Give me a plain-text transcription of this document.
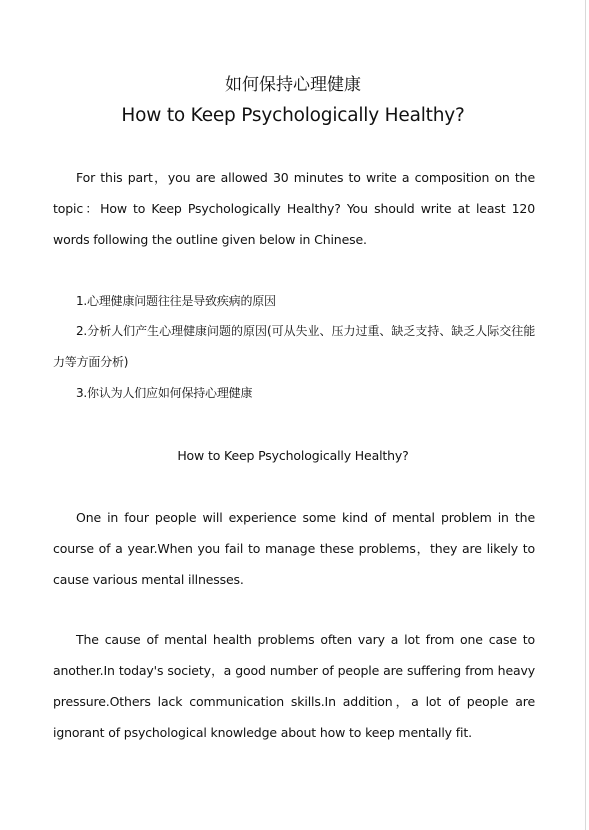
如何保持心理健康
How to Keep Psychologically Healthy?

For this part，you are allowed 30 minutes to write a composition on the topic：How to Keep Psychologically Healthy? You should write at least 120 words following the outline given below in Chinese.

1.心理健康问题往往是导致疾病的原因

2.分析人们产生心理健康问题的原因(可从失业、压力过重、缺乏支持、缺乏人际交往能力等方面分析)

3.你认为人们应如何保持心理健康

How to Keep Psychologically Healthy?

One in four people will experience some kind of mental problem in the course of a year.When you fail to manage these problems，they are likely to cause various mental illnesses.

The cause of mental health problems often vary a lot from one case to another.In today's society，a good number of people are suffering from heavy pressure.Others lack communication skills.In addition，a lot of people are ignorant of psychological knowledge about how to keep mentally fit.
